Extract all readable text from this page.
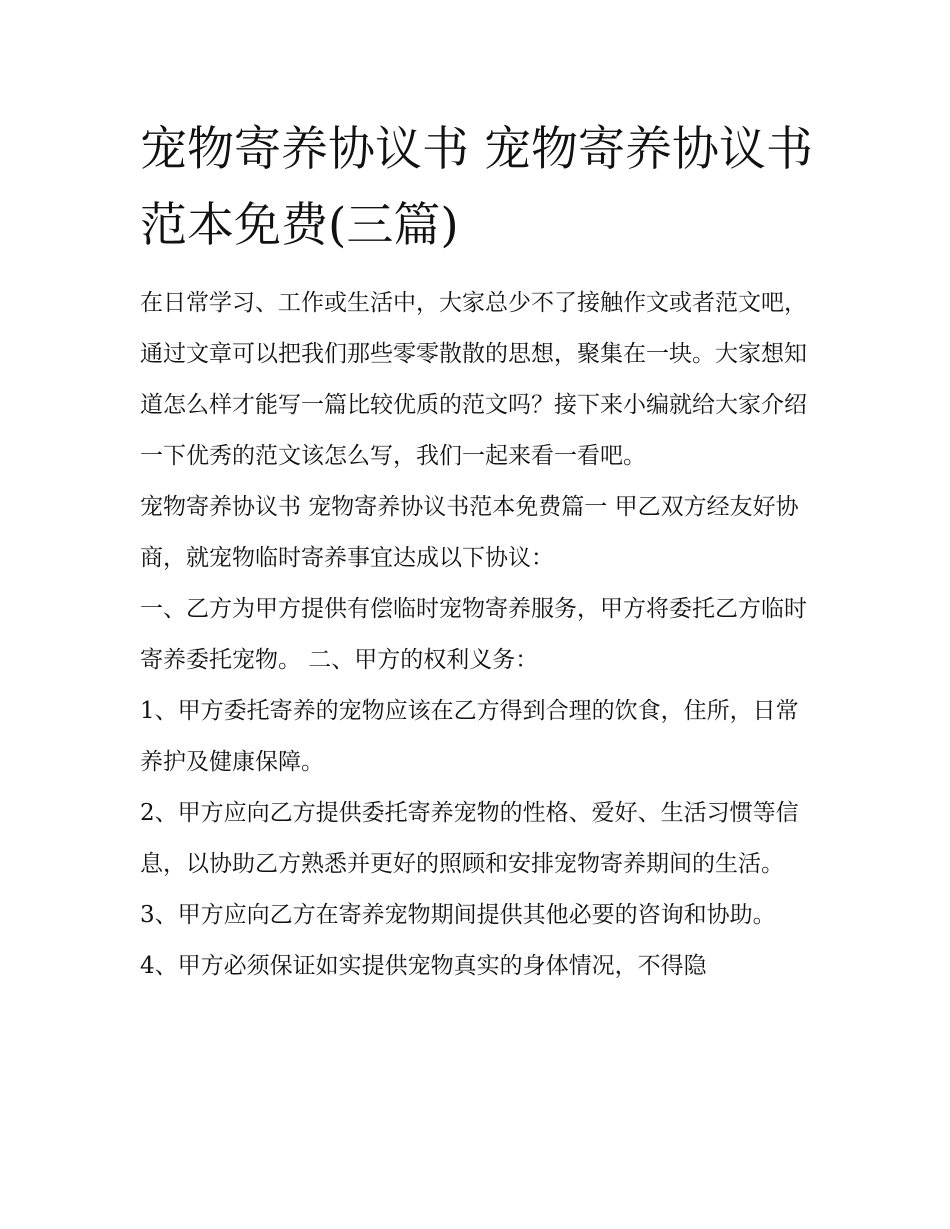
宠物寄养协议书 宠物寄养协议书范本免费(三篇)

在日常学习、工作或生活中，大家总少不了接触作文或者范文吧，通过文章可以把我们那些零零散散的思想，聚集在一块。大家想知道怎么样才能写一篇比较优质的范文吗？接下来小编就给大家介绍一下优秀的范文该怎么写，我们一起来看一看吧。

宠物寄养协议书 宠物寄养协议书范本免费篇一 甲乙双方经友好协商，就宠物临时寄养事宜达成以下协议：

一、乙方为甲方提供有偿临时宠物寄养服务，甲方将委托乙方临时寄养委托宠物。 二、甲方的权利义务：

1、甲方委托寄养的宠物应该在乙方得到合理的饮食，住所，日常养护及健康保障。

2、甲方应向乙方提供委托寄养宠物的性格、爱好、生活习惯等信息，以协助乙方熟悉并更好的照顾和安排宠物寄养期间的生活。

3、甲方应向乙方在寄养宠物期间提供其他必要的咨询和协助。 4、甲方必须保证如实提供宠物真实的身体情况，不得隐
